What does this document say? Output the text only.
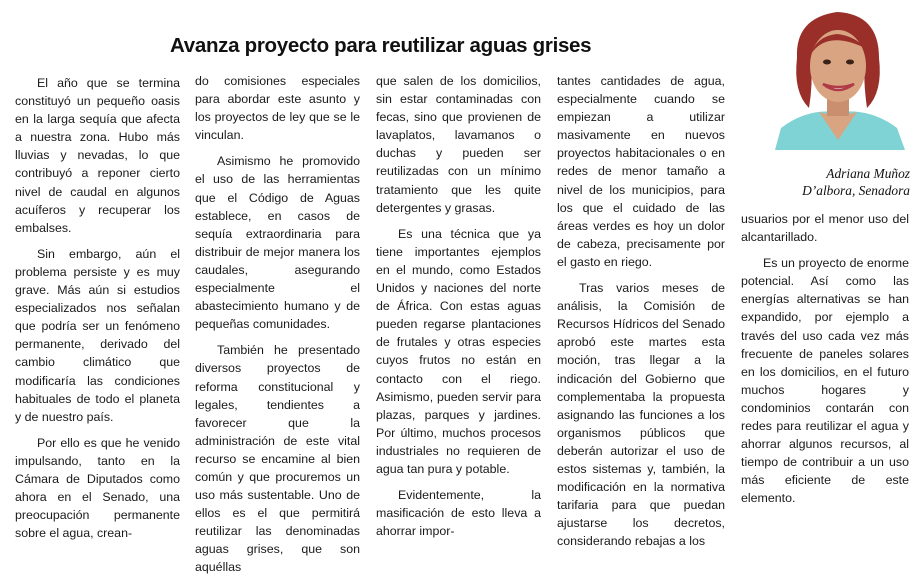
Avanza proyecto para reutilizar aguas grises

El año que se termina constituyó un pequeño oasis en la larga sequía que afecta a nuestra zona. Hubo más lluvias y nevadas, lo que contribuyó a reponer cierto nivel de caudal en algunos acuíferos y recuperar los embalses.

Sin embargo, aún el problema persiste y es muy grave. Más aún si estudios especializados nos señalan que podría ser un fenómeno permanente, derivado del cambio climático que modificaría las condiciones habituales de todo el planeta y de nuestro país.

Por ello es que he venido impulsando, tanto en la Cámara de Diputados como ahora en el Senado, una preocupación permanente sobre el agua, crean-

do comisiones especiales para abordar este asunto y los proyectos de ley que se le vinculan.

Asimismo he promovido el uso de las herramientas que el Código de Aguas establece, en casos de sequía extraordinaria para distribuir de mejor manera los caudales, asegurando especialmente el abastecimiento humano y de pequeñas comunidades.

También he presentado diversos proyectos de reforma constitucional y legales, tendientes a favorecer que la administración de este vital recurso se encamine al bien común y que procuremos un uso más sustentable. Uno de ellos es el que permitirá reutilizar las denominadas aguas grises, que son aquéllas

que salen de los domicilios, sin estar contaminadas con fecas, sino que provienen de lavaplatos, lavamanos o duchas y pueden ser reutilizadas con un mínimo tratamiento que les quite detergentes y grasas.

Es una técnica que ya tiene importantes ejemplos en el mundo, como Estados Unidos y naciones del norte de África. Con estas aguas pueden regarse plantaciones de frutales y otras especies cuyos frutos no están en contacto con el riego. Asimismo, pueden servir para plazas, parques y jardines. Por último, muchos procesos industriales no requieren de agua tan pura y potable.

Evidentemente, la masificación de esto lleva a ahorrar impor-

tantes cantidades de agua, especialmente cuando se empiezan a utilizar masivamente en nuevos proyectos habitacionales o en redes de menor tamaño a nivel de los municipios, para los que el cuidado de las áreas verdes es hoy un dolor de cabeza, precisamente por el gasto en riego.

Tras varios meses de análisis, la Comisión de Recursos Hídricos del Senado aprobó este martes esta moción, tras llegar a la indicación del Gobierno que complementaba la propuesta asignando las funciones a los organismos públicos que deberán autorizar el uso de estos sistemas y, también, la modificación en la normativa tarifaria para que puedan ajustarse los decretos, considerando rebajas a los

Adriana Muñoz
D’albora, Senadora

usuarios por el menor uso del alcantarillado.

Es un proyecto de enorme potencial. Así como las energías alternativas se han expandido, por ejemplo a través del uso cada vez más frecuente de paneles solares en los domicilios, en el futuro muchos hogares y condominios contarán con redes para reutilizar el agua y ahorrar algunos recursos, al tiempo de contribuir a un uso más eficiente de este elemento.
